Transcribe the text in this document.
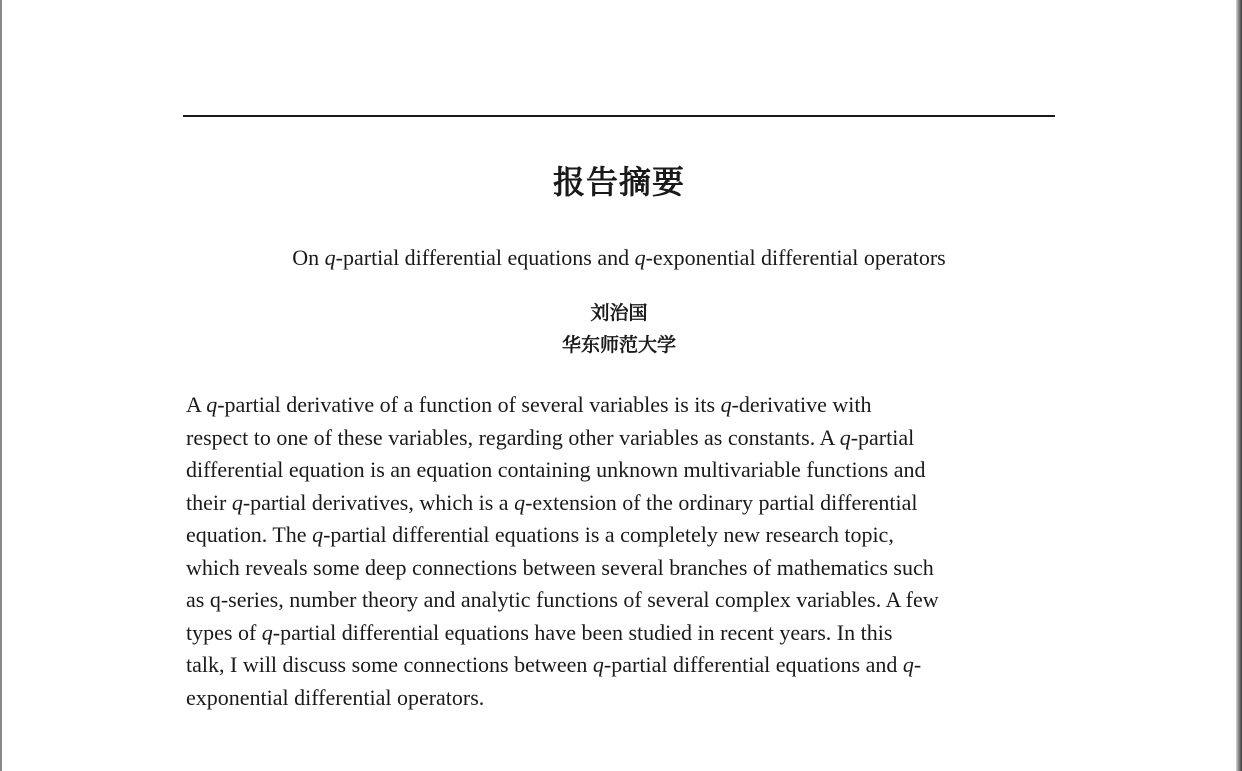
报告摘要
On q-partial differential equations and q-exponential differential operators
刘治国
华东师范大学
A q-partial derivative of a function of several variables is its q-derivative with
respect to one of these variables, regarding other variables as constants. A q-partial
differential equation is an equation containing unknown multivariable functions and
their q-partial derivatives, which is a q-extension of the ordinary partial differential
equation. The q-partial differential equations is a completely new research topic,
which reveals some deep connections between several branches of mathematics such
as q-series, number theory and analytic functions of several complex variables. A few
types of q-partial differential equations have been studied in recent years. In this
talk, I will discuss some connections between q-partial differential equations and q-
exponential differential operators.
